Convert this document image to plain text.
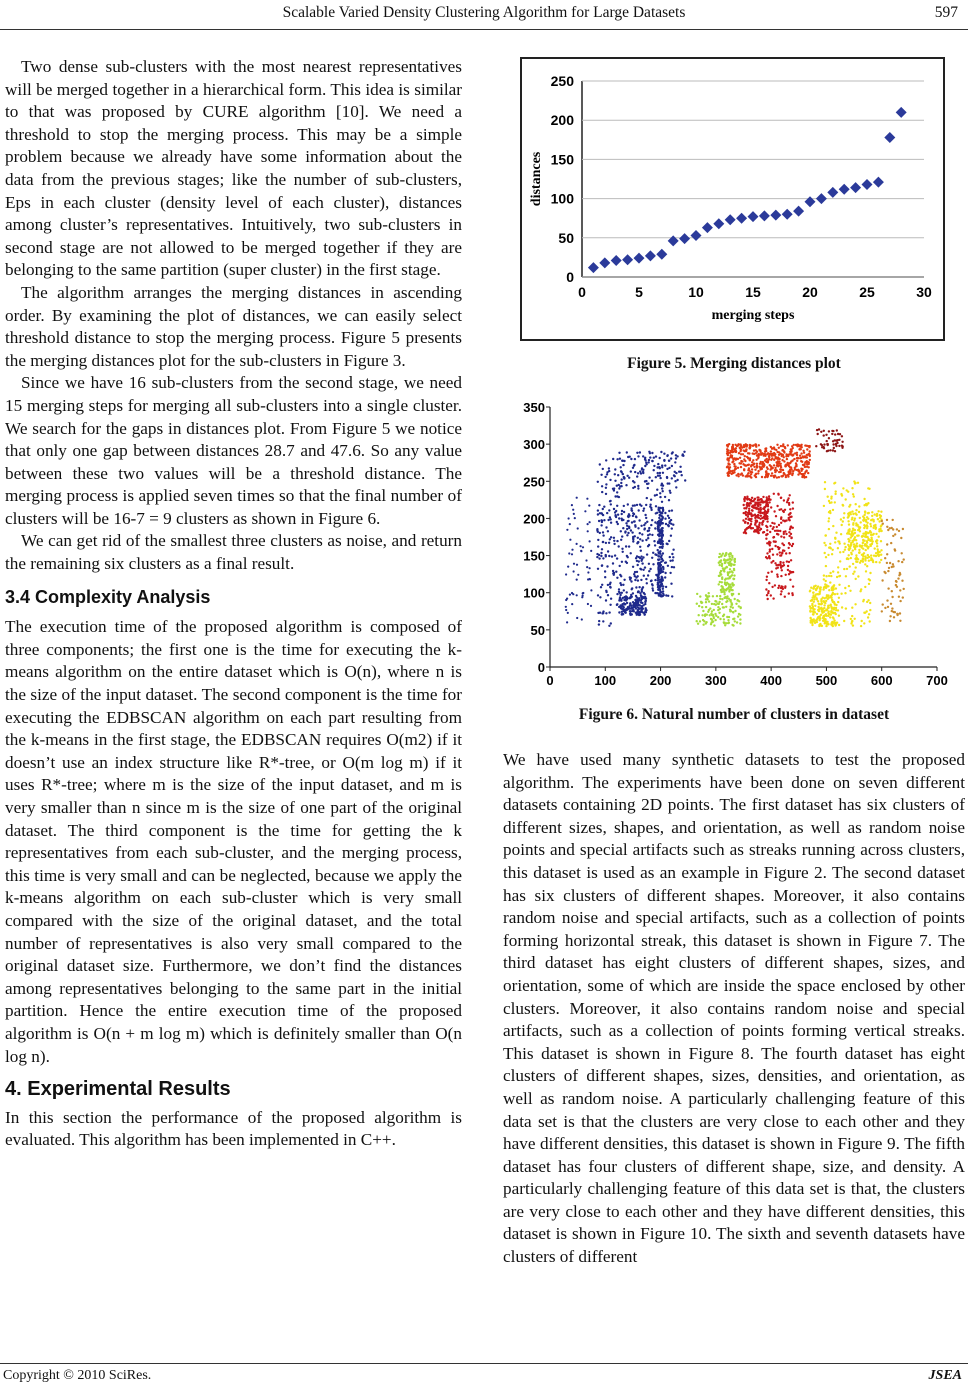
Scalable Varied Density Clustering Algorithm for Large Datasets	597

Two dense sub-clusters with the most nearest representatives will be merged together in a hierarchical form. This idea is similar to that was proposed by CURE algorithm [10]. We need a threshold to stop the merging process. This may be a simple problem because we already have some information about the data from the previous stages; like the number of sub-clusters, Eps in each cluster (density level of each cluster), distances among cluster’s representatives. Intuitively, two sub-clusters in second stage are not allowed to be merged together if they are belonging to the same partition (super cluster) in the first stage.

The algorithm arranges the merging distances in ascending order. By examining the plot of distances, we can easily select threshold distance to stop the merging process. Figure 5 presents the merging distances plot for the sub-clusters in Figure 3.

Since we have 16 sub-clusters from the second stage, we need 15 merging steps for merging all sub-clusters into a single cluster. We search for the gaps in distances plot. From Figure 5 we notice that only one gap between distances 28.7 and 47.6. So any value between these two values will be a threshold distance. The merging process is applied seven times so that the final number of clusters will be 16-7 = 9 clusters as shown in Figure 6.

We can get rid of the smallest three clusters as noise, and return the remaining six clusters as a final result.

3.4 Complexity Analysis

The execution time of the proposed algorithm is composed of three components; the first one is the time for executing the k-means algorithm on the entire dataset which is O(n), where n is the size of the input dataset. The second component is the time for executing the EDBSCAN algorithm on each part resulting from the k-means in the first stage, the EDBSCAN requires O(m2) if it doesn’t use an index structure like R*-tree, or O(m log m) if it uses R*-tree; where m is the size of the input dataset, and m is very smaller than n since m is the size of one part of the original dataset. The third component is the time for getting the k representatives from each sub-cluster, and the merging process, this time is very small and can be neglected, because we apply the k-means algorithm on each sub-cluster which is very small compared with the size of the original dataset, and the total number of representatives is also very small compared to the original dataset size. Furthermore, we don’t find the distances among representatives belonging to the same part in the initial partition. Hence the entire execution time of the proposed algorithm is O(n + m log m) which is definitely smaller than O(n log n).

4. Experimental Results

In this section the performance of the proposed algorithm is evaluated. This algorithm has been implemented in C++.

0
50
100
150
200
250
0	5	10	15	20	25	30
merging steps
distances
Figure 5. Merging distances plot
0
50
100
150
200
250
300
350
0	100	200	300	400	500	600	700
Figure 6. Natural number of clusters in dataset

We have used many synthetic datasets to test the proposed algorithm. The experiments have been done on seven different datasets containing 2D points. The first dataset has six clusters of different sizes, shapes, and orientation, as well as random noise points and special artifacts such as streaks running across clusters, this dataset is used as an example in Figure 2. The second dataset has six clusters of different shapes. Moreover, it also contains random noise and special artifacts, such as a collection of points forming horizontal streak, this dataset is shown in Figure 7. The third dataset has eight clusters of different shapes, sizes, and orientation, some of which are inside the space enclosed by other clusters. Moreover, it also contains random noise and special artifacts, such as a collection of points forming vertical streaks. This dataset is shown in Figure 8. The fourth dataset has eight clusters of different shapes, sizes, densities, and orientation, as well as random noise. A particularly challenging feature of this data set is that the clusters are very close to each other and they have different densities, this dataset is shown in Figure 9. The fifth dataset has four clusters of different shape, size, and density. A particularly challenging feature of this data set is that, the clusters are very close to each other and they have different densities, this dataset is shown in Figure 10. The sixth and seventh datasets have clusters of different

Copyright © 2010 SciRes.	JSEA
